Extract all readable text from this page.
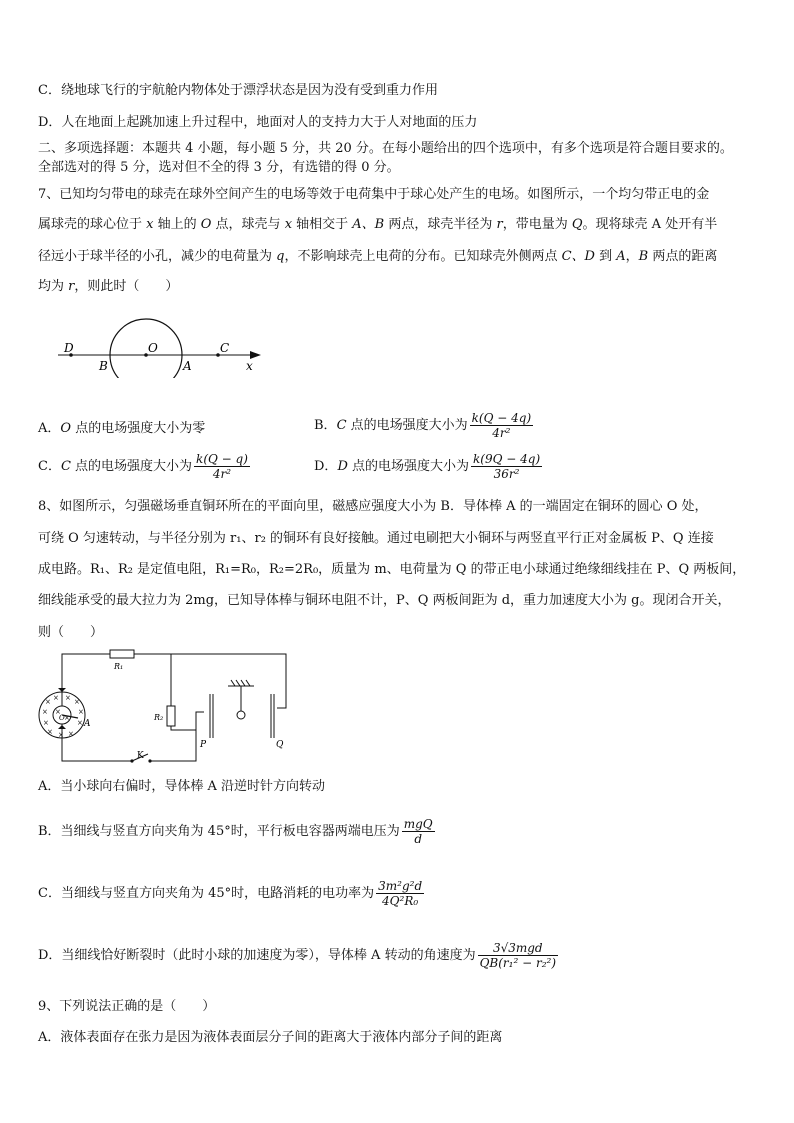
C．绕地球飞行的宇航舱内物体处于漂浮状态是因为没有受到重力作用
D．人在地面上起跳加速上升过程中，地面对人的支持力大于人对地面的压力
二、多项选择题：本题共 4 小题，每小题 5 分，共 20 分。在每小题给出的四个选项中，有多个选项是符合题目要求的。
全部选对的得 5 分，选对但不全的得 3 分，有选错的得 0 分。
7、已知均匀带电的球壳在球外空间产生的电场等效于电荷集中于球心处产生的电场。如图所示，一个均匀带正电的金
属球壳的球心位于 x 轴上的 O 点，球壳与 x 轴相交于 A、B 两点，球壳半径为 r，带电量为 Q。现将球壳 A 处开有半
径远小于球半径的小孔，减少的电荷量为 q，不影响球壳上电荷的分布。已知球壳外侧两点 C、D 到 A，B 两点的距离
均为 r，则此时（　　）
D	O	C
B	A	x
A．O 点的电场强度大小为零	B．C 点的电场强度大小为 $\frac{k(Q - 4q)}{\text{4r²}}$
C．C 点的电场强度大小为 $\frac{k(Q - q)}{\text{4r²}}$	D．D 点的电场强度大小为 $\frac{k(9Q - 4q)}{\text{36r²}}$
8、如图所示，匀强磁场垂直铜环所在的平面向里，磁感应强度大小为 B．导体棒 A 的一端固定在铜环的圆心 O 处，
可绕 O 匀速转动，与半径分别为 r₁、r₂ 的铜环有良好接触。通过电刷把大小铜环与两竖直平行正对金属板 P、Q 连接
成电路。R₁、R₂ 是定值电阻，R₁=R₀，R₂=2R₀，质量为 m、电荷量为 Q 的带正电小球通过绝缘细线挂在 P、Q 两板间，
细线能承受的最大拉力为 2mg，已知导体棒与铜环电阻不计，P、Q 两板间距为 d，重力加速度大小为 g。现闭合开关，
则（　　）
× × × ×
×	×
×	×
× × ×
×
×
R₁
R₂
K
P	Q
A
O
A．当小球向右偏时，导体棒 A 沿逆时针方向转动
B．当细线与竖直方向夹角为 45°时，平行板电容器两端电压为 $\frac{\text{mgQ}}{d}$
C．当细线与竖直方向夹角为 45°时，电路消耗的电功率为 $\frac{\text{3m²g²d}}{\text{4Q²R₀}}$
D．当细线恰好断裂时（此时小球的加速度为零），导体棒 A 转动的角速度为 $\frac{\text{3√3mgd}}{\text{QB(r₁² − r₂²)}}$
9、下列说法正确的是（　　）
A．液体表面存在张力是因为液体表面层分子间的距离大于液体内部分子间的距离
